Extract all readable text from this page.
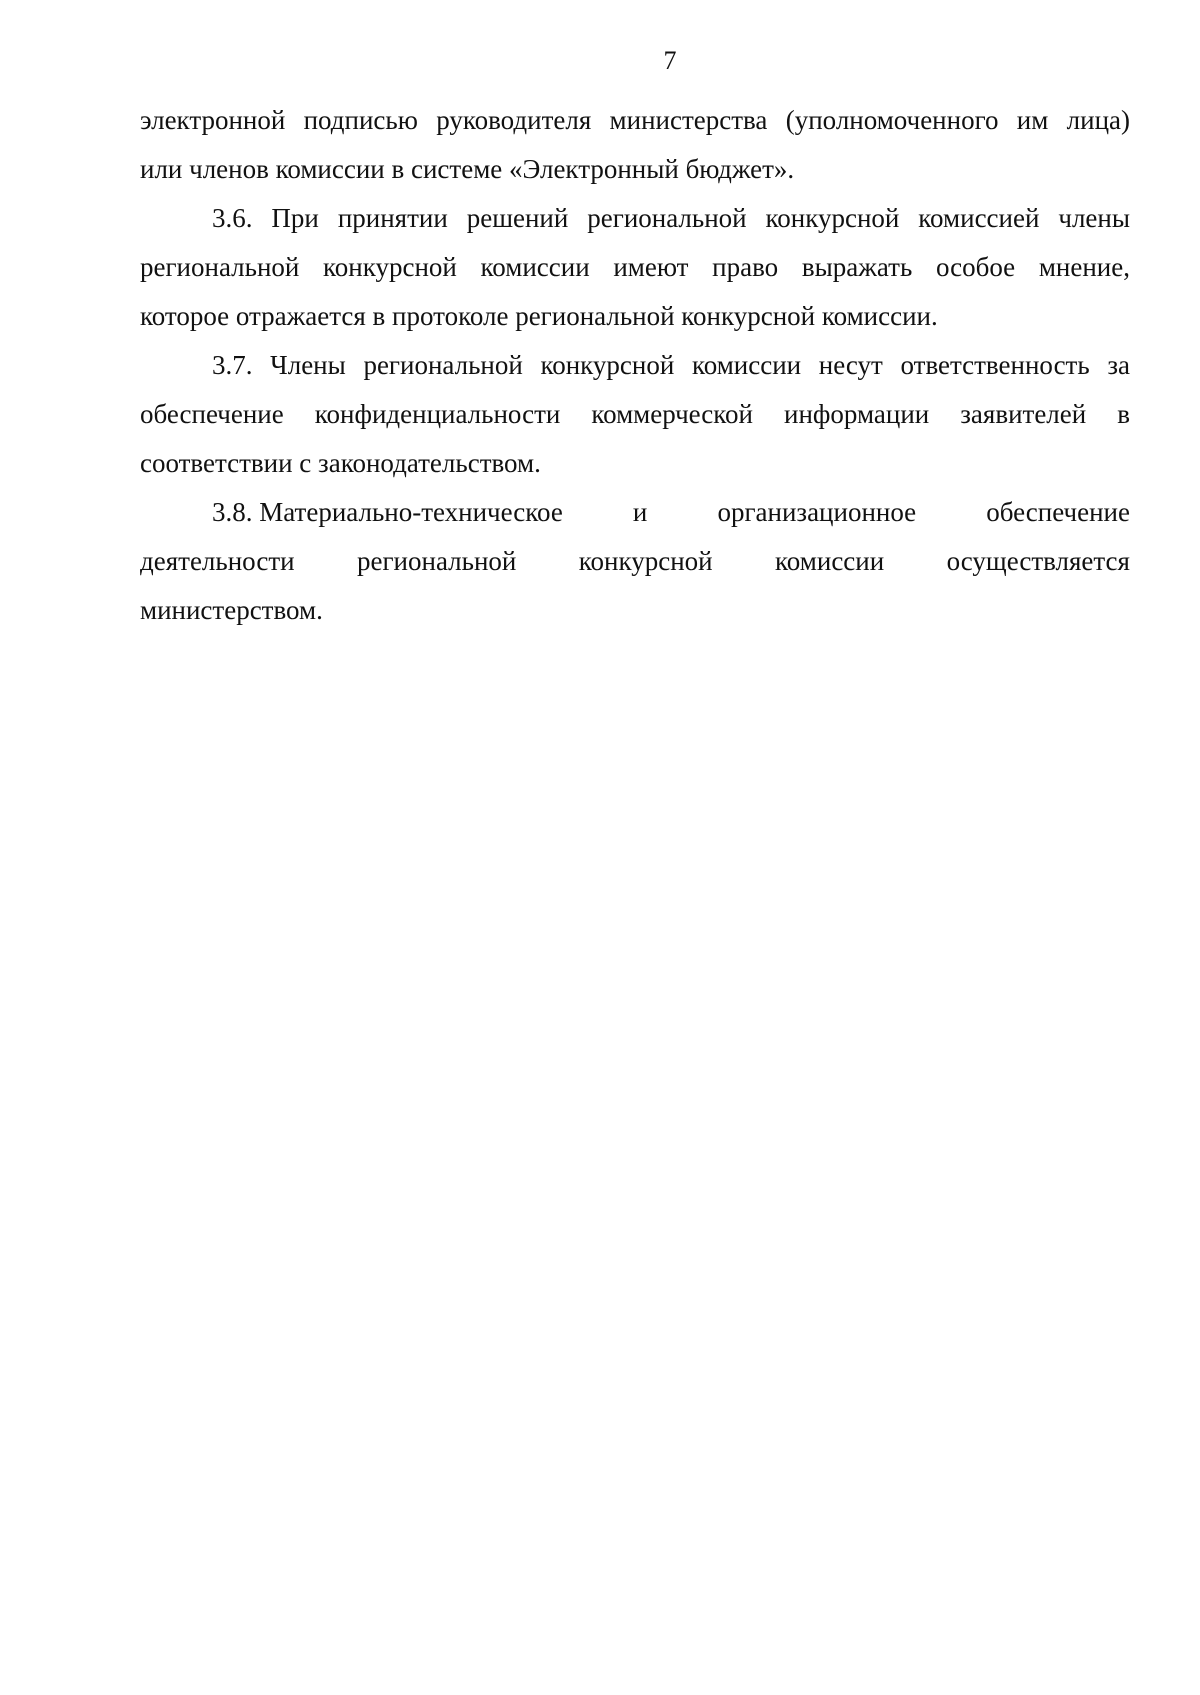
7
электронной подписью руководителя министерства (уполномоченного им лица)
или членов комиссии в системе «Электронный бюджет».
3.6. При принятии решений региональной конкурсной комиссией члены
региональной конкурсной комиссии имеют право выражать особое мнение,
которое отражается в протоколе региональной конкурсной комиссии.
3.7. Члены региональной конкурсной комиссии несут ответственность за
обеспечение конфиденциальности коммерческой информации заявителей в
соответствии с законодательством.
3.8. Материально-техническое	и	организационное	обеспечение
деятельности региональной конкурсной комиссии осуществляется
министерством.
